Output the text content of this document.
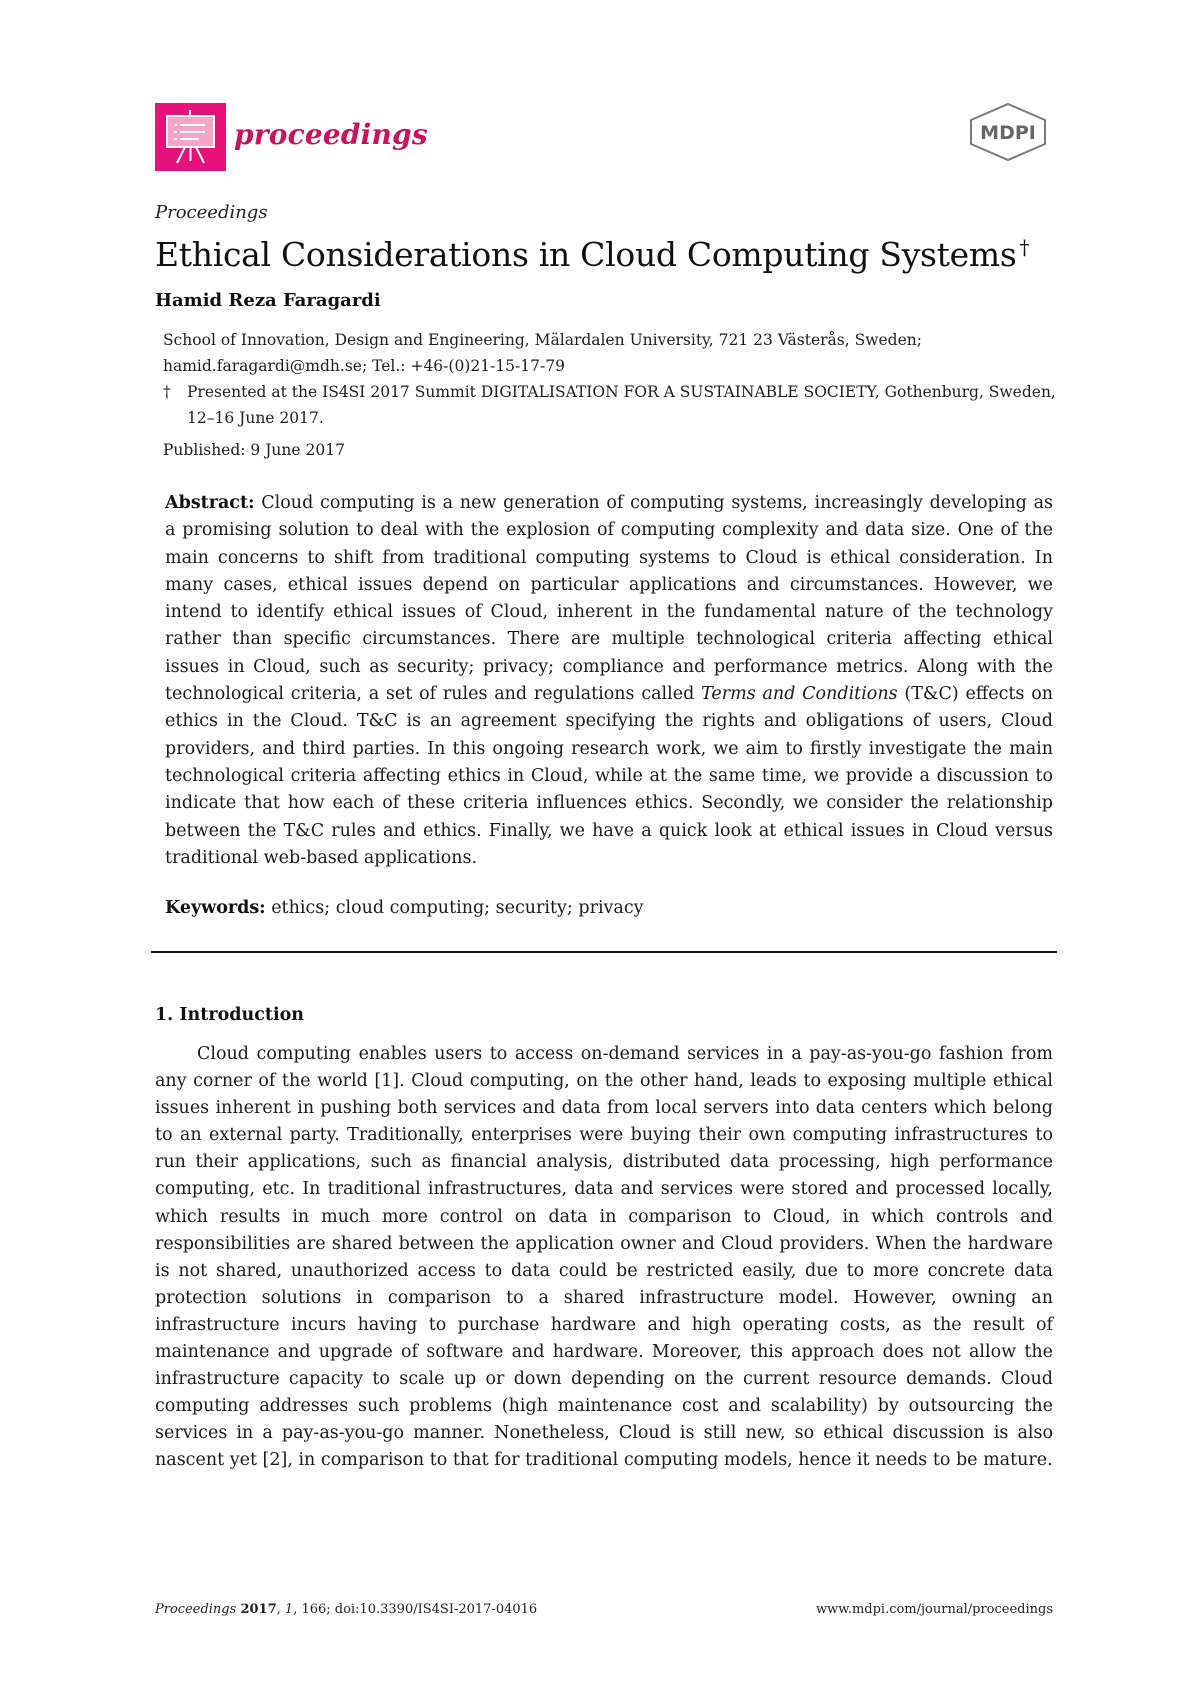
proceedings	MDPI
Proceedings
Ethical Considerations in Cloud Computing Systems †
Hamid Reza Faragardi

School of Innovation, Design and Engineering, Mälardalen University, 721 23 Västerås, Sweden;

hamid.faragardi@mdh.se; Tel.: +46-(0)21-15-17-79

† Presented at the IS4SI 2017 Summit DIGITALISATION FOR A SUSTAINABLE SOCIETY, Gothenburg, Sweden, 12–16 June 2017.

Published: 9 June 2017
Abstract: Cloud computing is a new generation of computing systems, increasingly developing as a promising solution to deal with the explosion of computing complexity and data size. One of the main concerns to shift from traditional computing systems to Cloud is ethical consideration. In many cases, ethical issues depend on particular applications and circumstances. However, we intend to identify ethical issues of Cloud, inherent in the fundamental nature of the technology rather than specific circumstances. There are multiple technological criteria affecting ethical issues in Cloud, such as security; privacy; compliance and performance metrics. Along with the technological criteria, a set of rules and regulations called Terms and Conditions (T&C) effects on ethics in the Cloud. T&C is an agreement specifying the rights and obligations of users, Cloud providers, and third parties. In this ongoing research work, we aim to firstly investigate the main technological criteria affecting ethics in Cloud, while at the same time, we provide a discussion to indicate that how each of these criteria influences ethics. Secondly, we consider the relationship between the T&C rules and ethics. Finally, we have a quick look at ethical issues in Cloud versus traditional web-based applications.
Keywords: ethics; cloud computing; security; privacy
1. Introduction
Cloud computing enables users to access on-demand services in a pay-as-you-go fashion from any corner of the world [1]. Cloud computing, on the other hand, leads to exposing multiple ethical issues inherent in pushing both services and data from local servers into data centers which belong to an external party. Traditionally, enterprises were buying their own computing infrastructures to run their applications, such as financial analysis, distributed data processing, high performance computing, etc. In traditional infrastructures, data and services were stored and processed locally, which results in much more control on data in comparison to Cloud, in which controls and responsibilities are shared between the application owner and Cloud providers. When the hardware is not shared, unauthorized access to data could be restricted easily, due to more concrete data protection solutions in comparison to a shared infrastructure model. However, owning an infrastructure incurs having to purchase hardware and high operating costs, as the result of maintenance and upgrade of software and hardware. Moreover, this approach does not allow the infrastructure capacity to scale up or down depending on the current resource demands. Cloud computing addresses such problems (high maintenance cost and scalability) by outsourcing the services in a pay-as-you-go manner. Nonetheless, Cloud is still new, so ethical discussion is also nascent yet [2], in comparison to that for traditional computing models, hence it needs to be mature.
Proceedings 2017, 1, 166; doi:10.3390/IS4SI-2017-04016	www.mdpi.com/journal/proceedings
